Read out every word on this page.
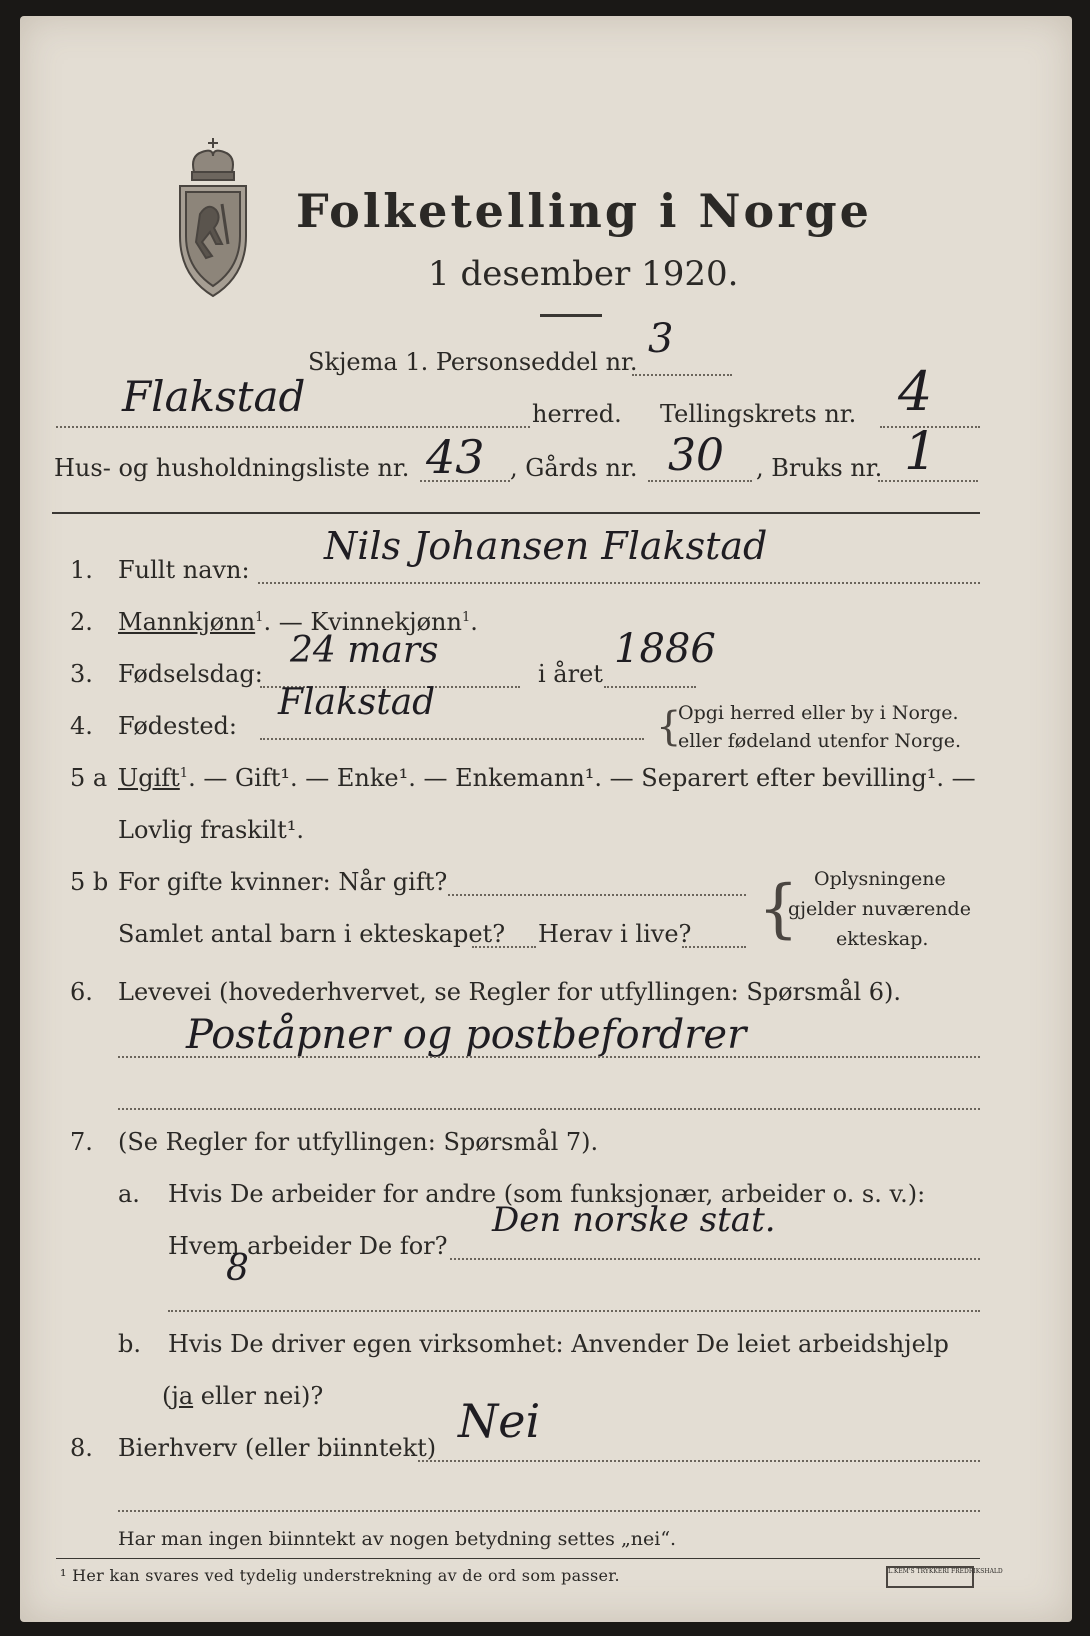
Folketelling i Norge
1 desember 1920.
Skjema 1. Personseddel nr. 3
Flakstad	herred. Tellingskrets nr. 4
Hus- og husholdningsliste nr. 43 , Gårds nr. 30 , Bruks nr. 1
1. Fullt navn:
Nils Johansen Flakstad
2. Mannkjønn$^1$. — Kvinnekjønn$^1$.
3. Fødselsdag:
24 mars
i året
1886
4. Fødested:
Flakstad
{
Opgi herred eller by i Norge.
eller fødeland utenfor Norge.
5 a Ugift$^1$. — Gift¹. — Enke¹. — Enkemann¹. — Separert efter bevilling¹. —
Lovlig fraskilt¹.
5 b For gifte kvinner: Når gift?
Samlet antal barn i ekteskapet? Herav i live? { Oplysningene
gjelder nuværende
ekteskap.
6. Levevei (hovederhvervet, se Regler for utfyllingen: Spørsmål 6).
Poståpner og postbefordrer
7. (Se Regler for utfyllingen: Spørsmål 7).
a. Hvis De arbeider for andre (som funksjonær, arbeider o. s. v.):
Hvem arbeider De for?
Den norske stat.
8
b. Hvis De driver egen virksomhet: Anvender De leiet arbeidshjelp
(ja eller nei)?
8. Bierhverv (eller biinntekt) Nei
Har man ingen biinntekt av nogen betydning settes „nei“.
¹ Her kan svares ved tydelig understrekning av de ord som passer.	L.KEM'S TRYKKERI FREDRIKSHALD
